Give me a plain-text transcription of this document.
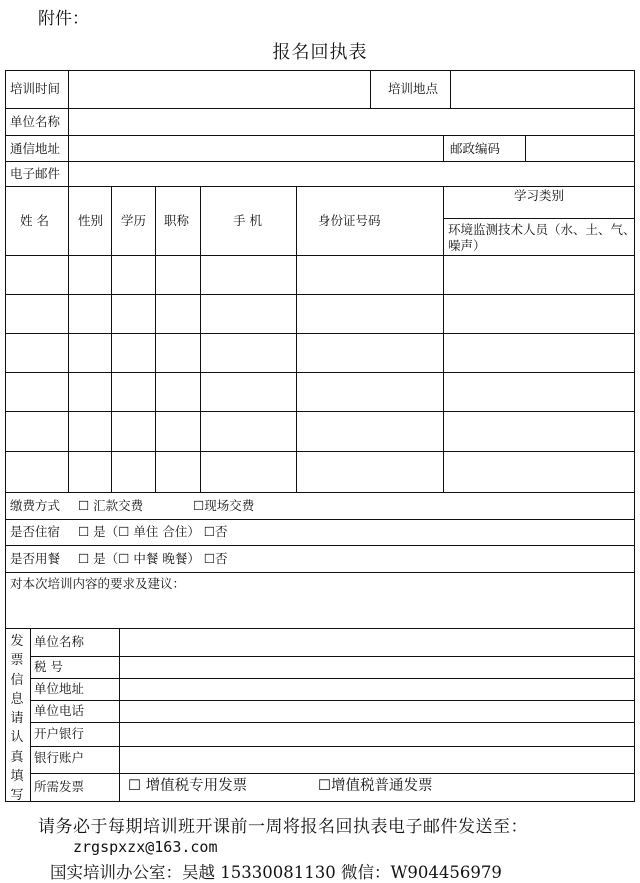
附件：
报名回执表
培训时间	培训地点
单位名称
通信地址	邮政编码
电子邮件
姓 名 性别 学历 职称	手 机	身份证号码
学习类别
环境监测技术人员（水、土、气、
噪声）
缴费方式 ☐ 汇款交费	☐现场交费
是否住宿 ☐ 是（☐ 单住 合住） ☐否
是否用餐 ☐ 是（☐ 中餐 晚餐） ☐否
对本次培训内容的要求及建议：
发票信息请认真填写
单位名称
税 号
单位地址
单位电话
开户银行
银行账户
所需发票	☐ 增值税专用发票	☐增值税普通发票
请务必于每期培训班开课前一周将报名回执表电子邮件发送至：
zrgspxzx@163.com
国实培训办公室：吴越 15330081130 微信：W904456979
